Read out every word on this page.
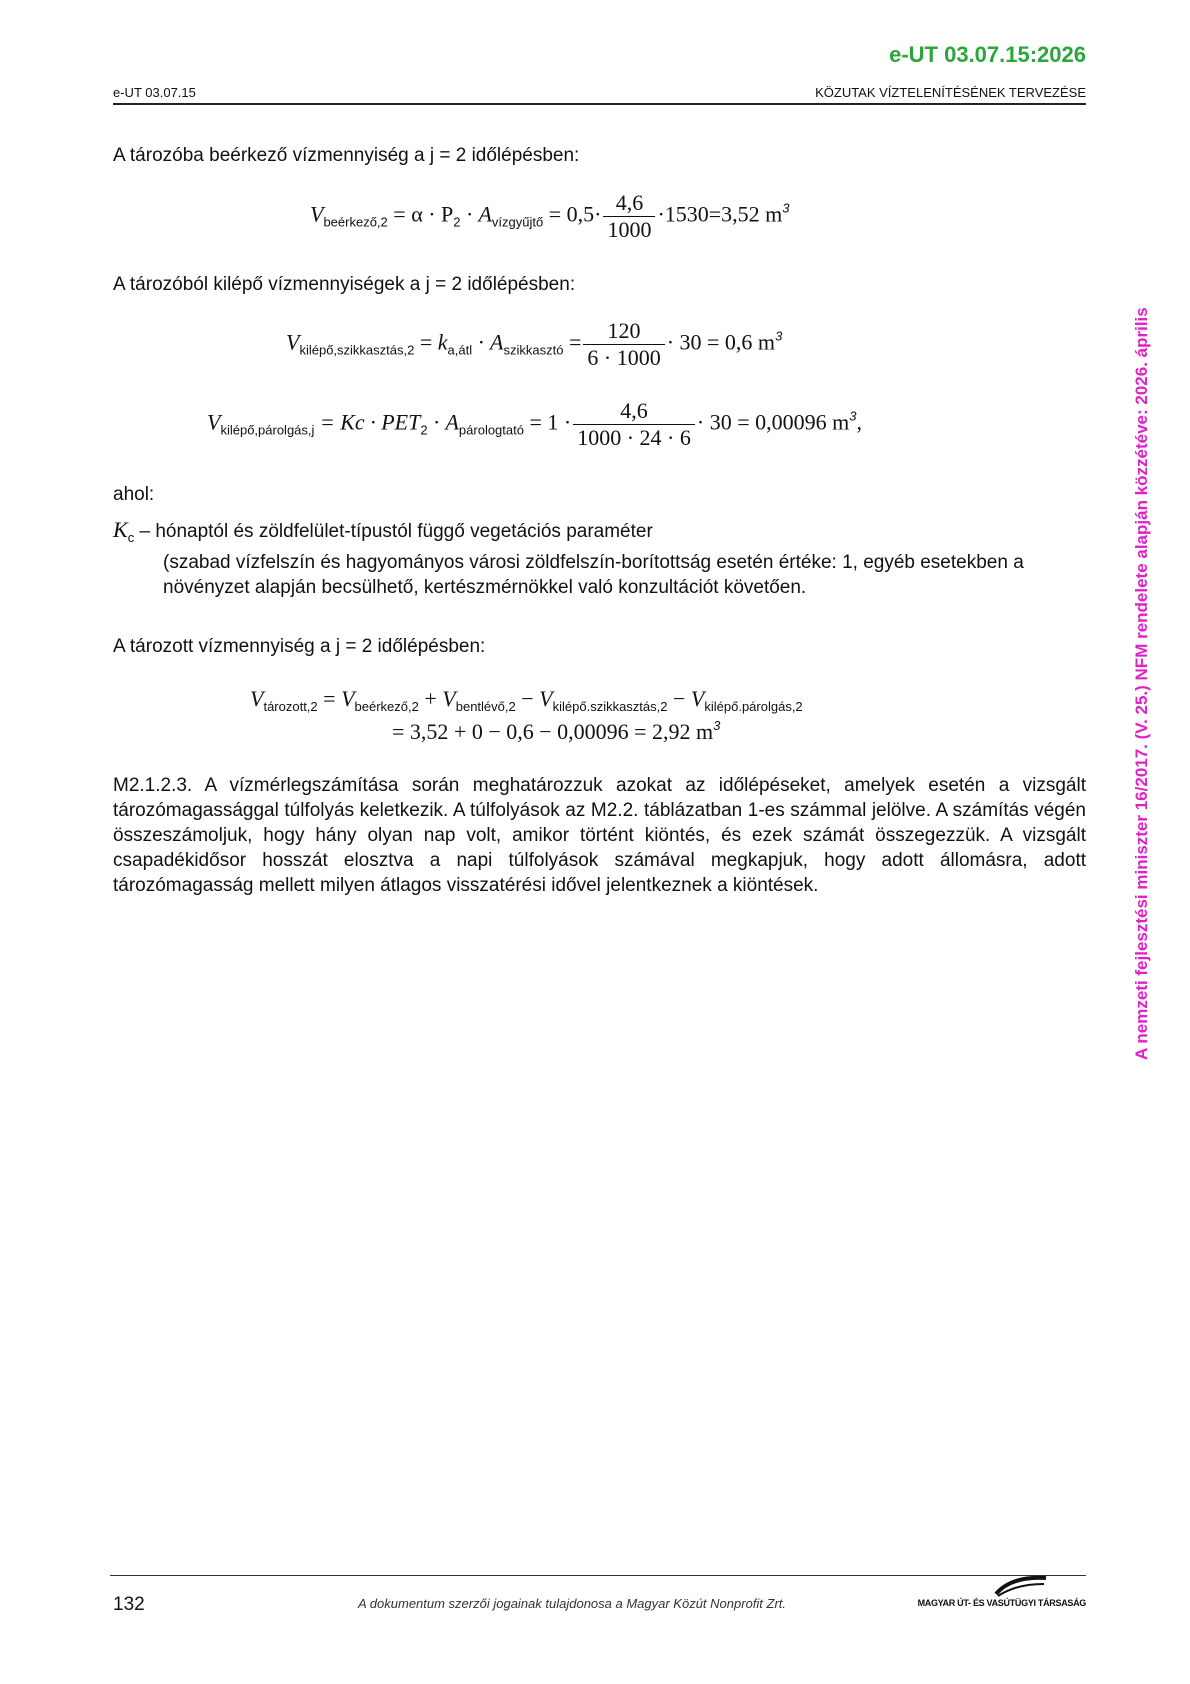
e-UT 03.07.15:2026
e-UT 03.07.15	KÖZUTAK VÍZTELENÍTÉSÉNEK TERVEZÉSE
A nemzeti fejlesztési miniszter 16/2017. (V. 25.) NFM rendelete alapján közzétéve: 2026. április
A tározóba beérkező vízmennyiség a j = 2 időlépésben:
$V_{beérkező,2} = \alpha \cdot P_2 \cdot A_{vízgyűjtő} = 0,5\cdot \frac{4,6}{1000} \cdot 1530=3,52$ $m^3$
A tározóból kilépő vízmennyiségek a j = 2 időlépésben:
$V_{kilépő,szikkasztás,2} = k_{a,átl} \cdot A_{szikkasztó} = \frac{120}{6 \cdot 1000} \cdot 30 = 0,6$ $m^3$
$V_{kilépő,párolgás,j} = Kc \cdot PET_2 \cdot A_{párologtató} = 1 \cdot \frac{4,6}{1000 \cdot 24 \cdot 6} \cdot 30 = 0,00096$ $m^3$,
ahol:
$K_c$ – hónaptól és zöldfelület-típustól függő vegetációs paraméter
(szabad vízfelszín és hagyományos városi zöldfelszín-borítottság esetén értéke: 1, egyéb esetekben a növényzet alapján becsülhető, kertészmérnökkel való konzultációt követően.
A tározott vízmennyiség a j = 2 időlépésben:
$V_{tározott,2} = V_{beérkező,2} + V_{bentlévő,2} - V_{kilépő.szikkasztás,2} - V_{kilépő.párolgás,2}$
= 3,52 + 0 − 0,6 − 0,00096 = 2,92 $m^3$
M2.1.2.3. A vízmérlegszámítása során meghatározzuk azokat az időlépéseket, amelyek esetén a vizsgált tározómagassággal túlfolyás keletkezik. A túlfolyások az M2.2. táblázatban 1-es számmal jelölve. A számítás végén összeszámoljuk, hogy hány olyan nap volt, amikor történt kiöntés, és ezek számát összegezzük. A vizsgált csapadékidősor hosszát elosztva a napi túlfolyások számával megkapjuk, hogy adott állomásra, adott tározómagasság mellett milyen átlagos visszatérési idővel jelentkeznek a kiöntések.
132	A dokumentum szerzői jogainak tulajdonosa a Magyar Közút Nonprofit Zrt.	MAGYAR ÚT- ÉS VASÚTÜGYI TÁRSASÁG
